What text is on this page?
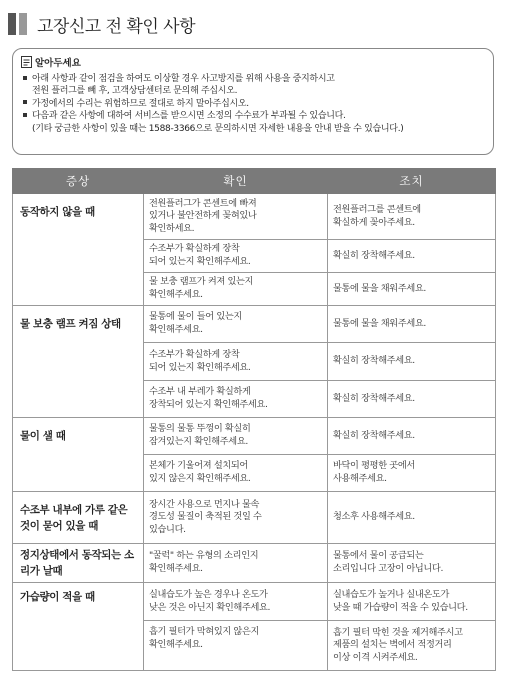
고장신고 전 확인 사항
알아두세요
아래 사항과 같이 점검을 하여도 이상할 경우 사고방지를 위해 사용을 중지하시고
전원 플러그를 빼 후, 고객상담센터로 문의해 주십시오.
가정에서의 수리는 위험하므로 절대로 하지 말아주십시오.
다음과 같은 사항에 대하여 서비스를 받으시면 소정의 수수료가 부과될 수 있습니다.
(기타 궁금한 사항이 있을 때는 1588-3366으로 문의하시면 자세한 내용을 안내 받을 수 있습니다.)
증상	확인	조치
동작하지 않을 때	전원플러그가 콘센트에 빠져
있거나 불안전하게 꽂혀있나
확인하세요.	전원플러그를 콘센트에
확실하게 꽂아주세요.
	수조부가 확실하게 장착
되어 있는지 확인해주세요.	확실히 장착해주세요.
	물 보충 램프가 켜져 있는지
확인해주세요.	물통에 물을 채워주세요.
물 보충 램프 켜짐 상태	물통에 물이 들어 있는지
확인해주세요.	물통에 물을 채워주세요.
	수조부가 확실하게 장착
되어 있는지 확인해주세요.	확실히 장착해주세요.
	수조부 내 부레가 확실하게
장착되어 있는지 확인해주세요.	확실히 장착해주세요.
물이 샐 때	물통의 물통 뚜껑이 확실히
잠겨있는지 확인해주세요.	확실히 장착해주세요.
	본체가 기울어져 설치되어
있지 않은지 확인해주세요.	바닥이 평평한 곳에서
사용해주세요.
수조부 내부에 가루 같은 것이 묻어 있을 때	장시간 사용으로 먼지나 물속
경도성 물질이 축적된 것일 수
있습니다.	청소후 사용해주세요.
정지상태에서 동작되는 소리가 날때	"꿀럭" 하는 유형의 소리인지
확인해주세요.	물통에서 물이 공급되는
소리입니다 고장이 아닙니다.
가습량이 적을 때	실내습도가 높은 경우나 온도가
낮은 것은 아닌지 확인해주세요.	실내습도가 높거나 실내온도가
낮을 때 가습량이 적을 수 있습니다.
	흡기 필터가 막혀있지 않은지
확인해주세요.	흡기 필터 막힌 것을 제거해주시고
제품의 설치는 벽에서 적정거리
이상 이격 시켜주세요.
